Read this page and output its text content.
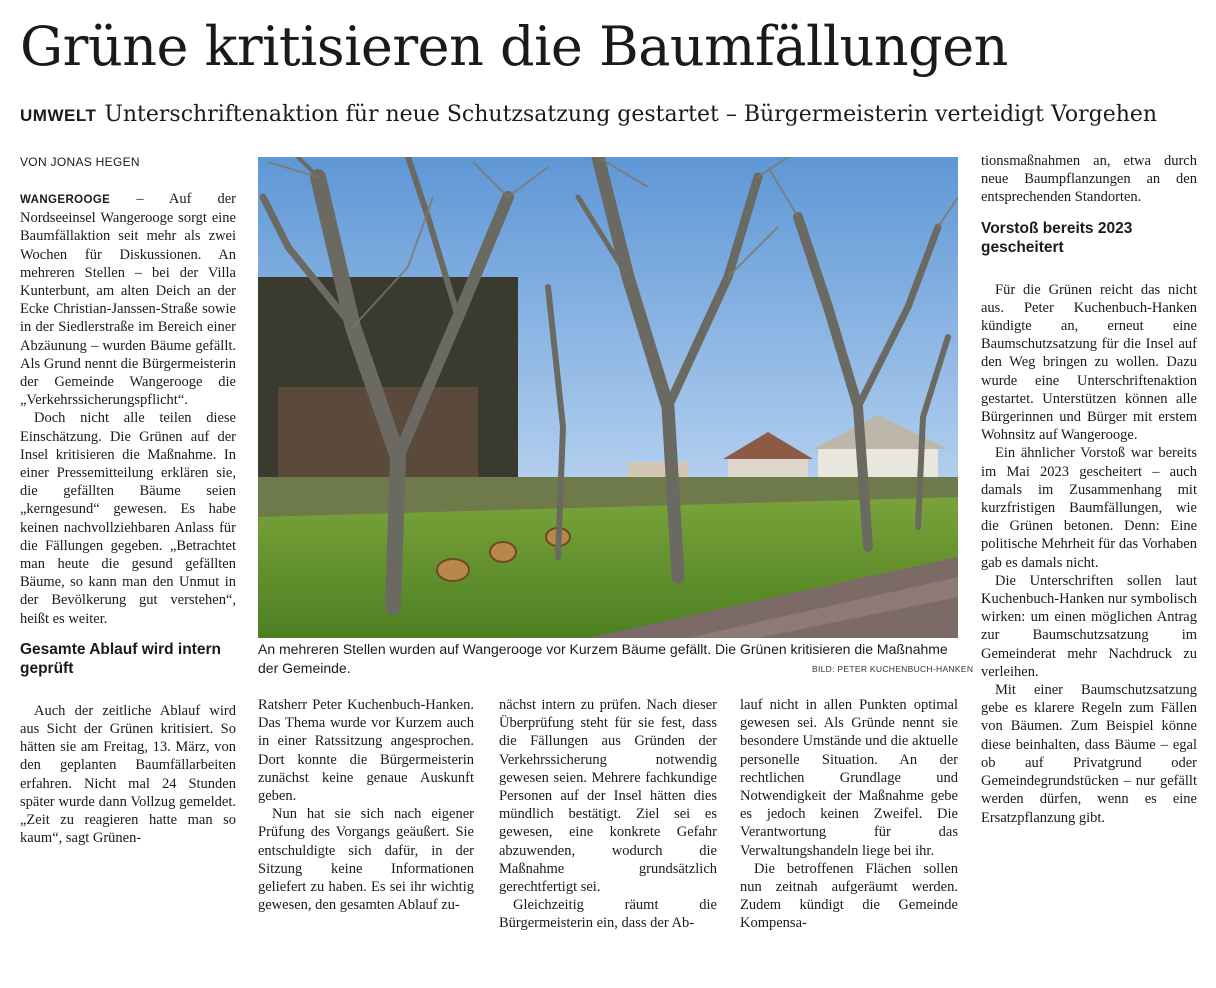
Grüne kritisieren die Baumfällungen
UMWELT Unterschriftenaktion für neue Schutzsatzung gestartet – Bürgermeisterin verteidigt Vorgehen
VON JONAS HEGEN

WANGEROOGE – Auf der Nordseeinsel Wangerooge sorgt eine Baumfällaktion seit mehr als zwei Wochen für Diskussionen. An mehreren Stellen – bei der Villa Kunterbunt, am alten Deich an der Ecke Christian-Janssen-Straße sowie in der Siedlerstraße im Bereich einer Abzäunung – wurden Bäume gefällt. Als Grund nennt die Bürgermeisterin der Gemeinde Wangerooge die „Verkehrssicherungspflicht“.

Doch nicht alle teilen diese Einschätzung. Die Grünen auf der Insel kritisieren die Maßnahme. In einer Pressemitteilung erklären sie, die gefällten Bäume seien „kerngesund“ gewesen. Es habe keinen nachvollziehbaren Anlass für die Fällungen gegeben. „Betrachtet man heute die gesund gefällten Bäume, so kann man den Unmut in der Bevölkerung gut verstehen“, heißt es weiter.

Gesamte Ablauf wird intern geprüft

Auch der zeitliche Ablauf wird aus Sicht der Grünen kritisiert. So hätten sie am Freitag, 13. März, von den geplanten Baumfällarbeiten erfahren. Nicht mal 24 Stunden später wurde dann Vollzug gemeldet. „Zeit zu reagieren hatte man so kaum“, sagt Grünen-

An mehreren Stellen wurden auf Wangerooge vor Kurzem Bäume gefällt. Die Grünen kritisieren die Maßnahme der Gemeinde.	BILD: PETER KUCHENBUCH-HANKEN

Ratsherr Peter Kuchenbuch-Hanken. Das Thema wurde vor Kurzem auch in einer Ratssitzung angesprochen. Dort konnte die Bürgermeisterin zunächst keine genaue Auskunft geben.

Nun hat sie sich nach eigener Prüfung des Vorgangs geäußert. Sie entschuldigte sich dafür, in der Sitzung keine Informationen geliefert zu haben. Es sei ihr wichtig gewesen, den gesamten Ablauf zu-

nächst intern zu prüfen. Nach dieser Überprüfung steht für sie fest, dass die Fällungen aus Gründen der Verkehrssicherung notwendig gewesen seien. Mehrere fachkundige Personen auf der Insel hätten dies mündlich bestätigt. Ziel sei es gewesen, eine konkrete Gefahr abzuwenden, wodurch die Maßnahme grundsätzlich gerechtfertigt sei.

Gleichzeitig räumt die Bürgermeisterin ein, dass der Ab-

lauf nicht in allen Punkten optimal gewesen sei. Als Gründe nennt sie besondere Umstände und die aktuelle personelle Situation. An der rechtlichen Grundlage und Notwendigkeit der Maßnahme gebe es jedoch keinen Zweifel. Die Verantwortung für das Verwaltungshandeln liege bei ihr.

Die betroffenen Flächen sollen nun zeitnah aufgeräumt werden. Zudem kündigt die Gemeinde Kompensa-

tionsmaßnahmen an, etwa durch neue Baumpflanzungen an den entsprechenden Standorten.

Vorstoß bereits 2023 gescheitert

Für die Grünen reicht das nicht aus. Peter Kuchenbuch-Hanken kündigte an, erneut eine Baumschutzsatzung für die Insel auf den Weg bringen zu wollen. Dazu wurde eine Unterschriftenaktion gestartet. Unterstützen können alle Bürgerinnen und Bürger mit erstem Wohnsitz auf Wangerooge.

Ein ähnlicher Vorstoß war bereits im Mai 2023 gescheitert – auch damals im Zusammenhang mit kurzfristigen Baumfällungen, wie die Grünen betonen. Denn: Eine politische Mehrheit für das Vorhaben gab es damals nicht.

Die Unterschriften sollen laut Kuchenbuch-Hanken nur symbolisch wirken: um einen möglichen Antrag zur Baumschutzsatzung im Gemeinderat mehr Nachdruck zu verleihen.

Mit einer Baumschutzsatzung gebe es klarere Regeln zum Fällen von Bäumen. Zum Beispiel könne diese beinhalten, dass Bäume – egal ob auf Privatgrund oder Gemeindegrundstücken – nur gefällt werden dürfen, wenn es eine Ersatzpflanzung gibt.
